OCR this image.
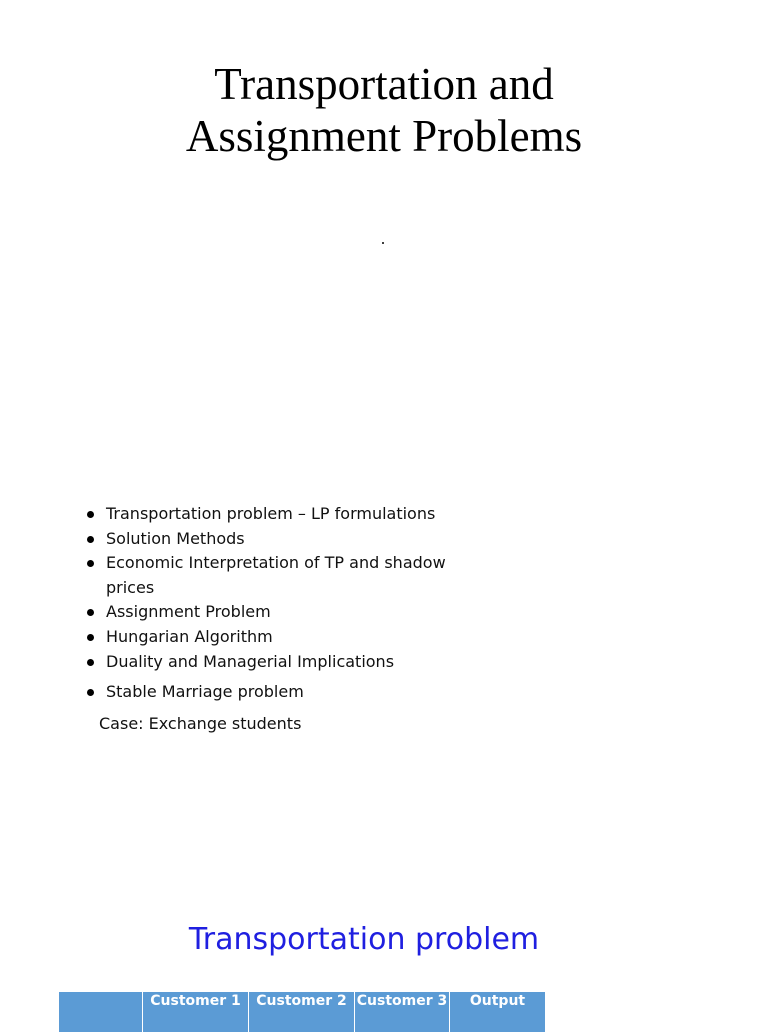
Transportation and
Assignment Problems
Transportation problem – LP formulations
Solution Methods
Economic Interpretation of TP and shadow prices
Assignment Problem
Hungarian Algorithm
Duality and Managerial Implications
Stable Marriage problem
Case: Exchange students
Transportation problem
Customer 1	Customer 2 Customer 3	Output
